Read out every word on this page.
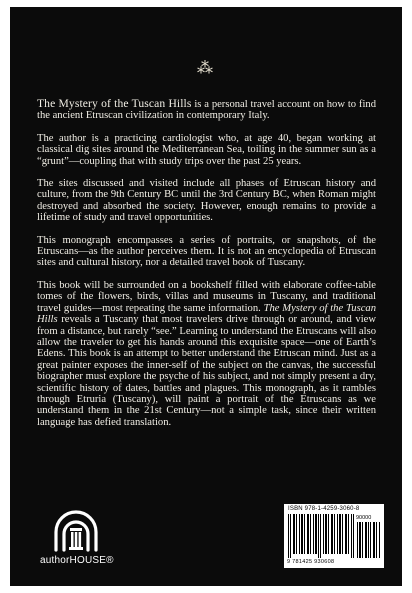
⁂

The Mystery of the Tuscan Hills is a personal travel account on how to find the ancient Etruscan civilization in contemporary Italy.

The author is a practicing cardiologist who, at age 40, began working at classical dig sites around the Mediterranean Sea, toiling in the summer sun as a “grunt”—coupling that with study trips over the past 25 years.

The sites discussed and visited include all phases of Etruscan history and culture, from the 9th Century BC until the 3rd Century BC, when Roman might destroyed and absorbed the society. However, enough remains to provide a lifetime of study and travel opportunities.

This monograph encompasses a series of portraits, or snapshots, of the Etruscans—as the author perceives them. It is not an encyclopedia of Etruscan sites and cultural history, nor a detailed travel book of Tuscany.

This book will be surrounded on a bookshelf filled with elaborate coffee-table tomes of the flowers, birds, villas and museums in Tuscany, and traditional travel guides—most repeating the same information. The Mystery of the Tuscan Hills reveals a Tuscany that most travelers drive through or around, and view from a distance, but rarely “see.” Learning to understand the Etruscans will also allow the traveler to get his hands around this exquisite space—one of Earth’s Edens. This book is an attempt to better understand the Etruscan mind. Just as a great painter exposes the inner-self of the subject on the canvas, the successful biographer must explore the psyche of his subject, and not simply present a dry, scientific history of dates, battles and plagues. This monograph, as it rambles through Etruria (Tuscany), will paint a portrait of the Etruscans as we understand them in the 21st Century—not a simple task, since their written language has defied translation.

authorHOUSE®
ISBN 978-1-4259-3060-8
90000
9 781425 930608
